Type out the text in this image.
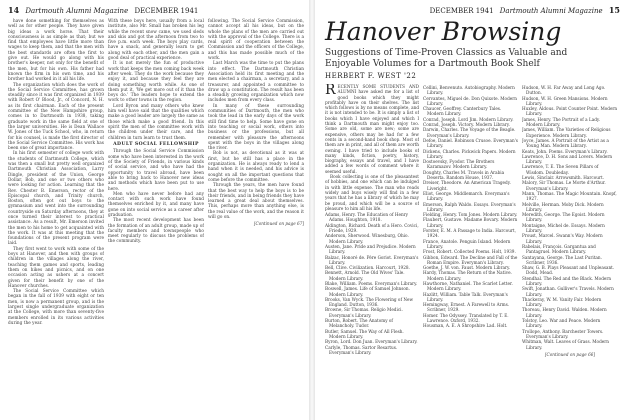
14 Dartmouth Alumni Magazine DECEMBER 1941

have done something for themselves as well as for other people. They have given big ideas a work horse. That their consciousness is as simple as that; but we find that employees have little more than wages to keep them, and that the men with the best standards are often the first to give out. He would go along with his brother's keeper, not only for the benefit of the men, but for his own. His father had known the firm in his own time, and his brother had worked in it all his life.

The organization which does the work of the Social Service Committee, has grown steadily since it was first organized in 1939 with Robert O' Blood, Jr., of Concord, N. H. as its first chairman. Each of the present committee of the New Hampshire group, comes in to Dartmouth in 1938, taking graduate work in the same field at one of the larger universities. He is Dean Wallace W. Jones of the Tuck School, who, in return for his counsel, is made the first director of the Social Service Committee. His work has been one of great importance.

In his first semester of college work with the students of Dartmouth College, which was then a small but pretty well organized Dartmouth Christian Association, Larry Dingle, president of the Union, George Dollar, Bob, and one or two others who were looking for action. Learning that the Rev. Chester B. Emerson, rector of the Episcopal church, and Trinity church, Boston, often got out boys to the gymnasium and went into the surrounding countryside on Saturday afternoons, they at once turned their interest to practical assistance. As a result, Mr. Emerson invited the men to his home to get acquainted with the work. It was at this meeting that the foundations of the present program were laid.

They first went to work with some of the boys at Hanover, and then with groups of children in the villages along the river, teaching them games and sports, leading them on hikes and picnics, and on one occasion acting as ushers at a concert given for their benefit by one of the Hanover churches.

The Social Service Committee which began in the fall of 1939 with eight or ten men, is now a permanent group, and is the largest single undergraduate organization at the College, with more than seventy-five members enrolled in its various activities during the year.

With these boys here, usually from a local institute, also Mr. Small has broken his leg while the recent snow came, we used sleds and skis and got the afternoon from two to five p.m. each week. The boys play cards, have a snack, and generally learn to get along with each other, and the men gain a good deal of practical experience.

It is not merely the fun of productive work that keeps the men coming back week after week. They do the work because they enjoy it, and because they feel they are doing something worth while. As one of them put it, 'We get more out of it than the boys do.' The leaders hope to extend the work to other towns in the region.

Lord Byron and many others who knew him well have said that the qualities which make a good leader are largely the same as those which make a good friend. In this spirit the men of the committee work with the children under their care, and the children in turn learn to trust them.

ADULT SOCIAL FELLOWSHIP

Through the Social Service Commission some who have been interested in the work of the Society of Friends, in various kinds of social service, and who have had the opportunity to travel abroad, have been able to bring back to Hanover new ideas and methods which have been put to use here.

Men who have never before had any contact with such work have found themselves enriched by it, and many have gone on into social service as a career after graduation.

The most recent development has been the formation of an adult group, made up of faculty members and townspeople who meet regularly to discuss the problems of the community.

following. The Social Service Commission, cannot accept all his ideas, but on the whole the plans of the men are carried out with the approval of the College. There is a real spirit of cooperation between the Commission and the officers of the College, and this has made possible much of the work.

Last March was the time to put the plans into effect. The Dartmouth Christian Association held its first meeting and the men elected a chairman, a secretary, and a treasurer, and appointed a committee to draw up a constitution. The result has been a steadily growing organization which now includes men from every class.

In many of these surrounding communities of Dartmouth, the men who took the lead in the early days of the work still find time to help. Some have gone on into teaching or social work, others into business or the professions, but all remember with pleasure the afternoons spent with the boys in the villages along the river.

Bob is not, as devotional as it was at first, but he still has a place in the organization. He is always ready to lend a hand when it is needed, and his advice is sought on all the important questions that come before the committee.

Through the years, the men have found that the best way to help the boys is to be their friends, and in being friends they have learned a great deal about themselves. This, perhaps more than anything else, is the real value of the work, and the reason it will go on.

[Continued on page 67]
DECEMBER 1941 Dartmouth Alumni Magazine 15
Hanover Browsing
Suggestions of Time-Proven Classics as Valuable and Enjoyable Volumes for a Dartmouth Book Shelf
HERBERT F. WEST '22

RECENTLY SOME STUDENTS AND ALUMNI have asked me for a list of good books which they might profitably have on their shelves. The list which follows is by no means complete, and it is not intended to be. It is simply a list of books which I have enjoyed and which I think a Dartmouth man might enjoy too. Some are old, some are new; some are expensive, others may be had for a few cents in a second-hand book shop. Most of them are in print, and all of them are worth owning. I have tried to include books of many kinds, fiction, poetry, history, biography, essays and travel, and I have added a few words of comment where it seemed useful.

Book collecting is one of the pleasantest of hobbies, and one which can be indulged in with little expense. The man who reads widely and buys wisely will find in a few years that he has a library of which he may be proud, and which will be a source of pleasure to him all his life.

Adams, Henry. The Education of Henry Adams. Houghton, 1918.
Aldington, Richard. Death of a Hero. Covici, Friede, 1929.
Anderson, Sherwood. Winesburg, Ohio. Modern Library.
Austen, Jane. Pride and Prejudice. Modern Library.
Balzac, Honoré de. Père Goriot. Everyman's Library.
Bell, Clive. Civilization. Harcourt, 1928.
Bennett, Arnold. The Old Wives' Tale. Modern Library.
Blake, William. Poems. Everyman's Library.
Boswell, James. Life of Samuel Johnson. Modern Library.
Brooks, Van Wyck. The Flowering of New England. Dutton, 1936.
Browne, Sir Thomas. Religio Medici. Everyman's Library.
Burton, Robert. The Anatomy of Melancholy. Tudor.
Butler, Samuel. The Way of All Flesh. Modern Library.
Byron, Lord. Don Juan. Everyman's Library.
Carlyle, Thomas. Sartor Resartus. Everyman's Library.
Cellini, Benvenuto. Autobiography. Modern Library.
Cervantes, Miguel de. Don Quixote. Modern Library.
Chaucer, Geoffrey. Canterbury Tales. Modern Library.
Conrad, Joseph. Lord Jim. Modern Library.
Conrad, Joseph. Victory. Modern Library.
Darwin, Charles. The Voyage of the Beagle. Everyman's Library.
Defoe, Daniel. Robinson Crusoe. Everyman's Library.
Dickens, Charles. Pickwick Papers. Modern Library.
Dostoevsky, Fyodor. The Brothers Karamazov. Modern Library.
Doughty, Charles M. Travels in Arabia Deserta. Random House, 1937.
Dreiser, Theodore. An American Tragedy. Liveright.
Eliot, George. Middlemarch. Everyman's Library.
Emerson, Ralph Waldo. Essays. Everyman's Library.
Fielding, Henry. Tom Jones. Modern Library.
Flaubert, Gustave. Madame Bovary. Modern Library.
Forster, E. M. A Passage to India. Harcourt, 1924.
France, Anatole. Penguin Island. Modern Library.
Frost, Robert. Collected Poems. Holt, 1939.
Gibbon, Edward. The Decline and Fall of the Roman Empire. Everyman's Library.
Goethe, J. W. von. Faust. Modern Library.
Hardy, Thomas. The Return of the Native. Modern Library.
Hawthorne, Nathaniel. The Scarlet Letter. Modern Library.
Hazlitt, William. Table Talk. Everyman's Library.
Hemingway, Ernest. A Farewell to Arms. Scribner, 1929.
Homer. The Odyssey. Translated by T. E. Lawrence. Oxford, 1932.
Housman, A. E. A Shropshire Lad. Holt.
Hudson, W. H. Far Away and Long Ago. Dutton.
Hudson, W. H. Green Mansions. Modern Library.
Huxley, Aldous. Point Counter Point. Modern Library.
James, Henry. The Portrait of a Lady. Modern Library.
James, William. The Varieties of Religious Experience. Modern Library.
Joyce, James. A Portrait of the Artist as a Young Man. Modern Library.
Keats, John. Poems. Everyman's Library.
Lawrence, D. H. Sons and Lovers. Modern Library.
Lawrence, T. E. The Seven Pillars of Wisdom. Doubleday.
Lewis, Sinclair. Arrowsmith. Harcourt.
Malory, Sir Thomas. Le Morte d'Arthur. Everyman's Library.
Mann, Thomas. The Magic Mountain. Knopf, 1927.
Melville, Herman. Moby Dick. Modern Library.
Meredith, George. The Egoist. Modern Library.
Montaigne, Michel de. Essays. Modern Library.
Proust, Marcel. Swann's Way. Modern Library.
Rabelais, François. Gargantua and Pantagruel. Modern Library.
Santayana, George. The Last Puritan. Scribner, 1936.
Shaw, G. B. Plays Pleasant and Unpleasant. Dodd, Mead.
Stendhal. The Red and the Black. Modern Library.
Swift, Jonathan. Gulliver's Travels. Modern Library.
Thackeray, W. M. Vanity Fair. Modern Library.
Thoreau, Henry David. Walden. Modern Library.
Tolstoy, Leo. War and Peace. Modern Library.
Trollope, Anthony. Barchester Towers. Everyman's Library.
Whitman, Walt. Leaves of Grass. Modern Library.
[Continued on page 66]
